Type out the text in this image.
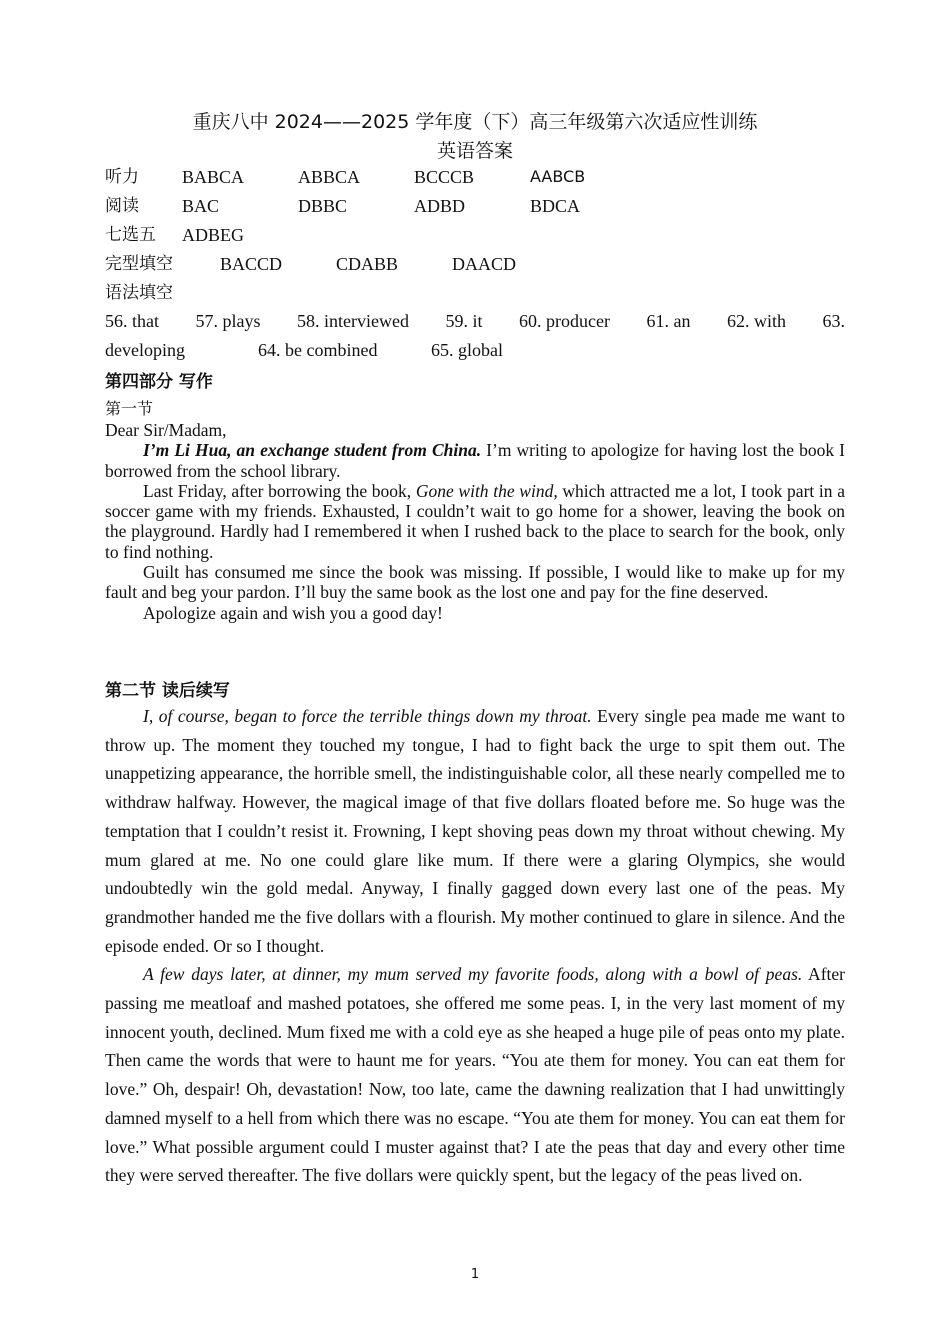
重庆八中 2024——2025 学年度（下）高三年级第六次适应性训练
英语答案
听力 BABCA	ABBCA	BCCCB	AABCB
阅读 BAC	DBBC	ADBD	BDCA
七选五 ADBEG
完型填空	BACCD	CDABB	DAACD
语法填空
56. that 57. plays 58. interviewed 59. it 60. producer 61. an 62. with 63.
developing	64. be combined	65. global
第四部分 写作
第一节

Dear Sir/Madam,

I’m Li Hua, an exchange student from China. I’m writing to apologize for having lost the book I borrowed from the school library.

Last Friday, after borrowing the book, Gone with the wind, which attracted me a lot, I took part in a soccer game with my friends. Exhausted, I couldn’t wait to go home for a shower, leaving the book on the playground. Hardly had I remembered it when I rushed back to the place to search for the book, only to find nothing.

Guilt has consumed me since the book was missing. If possible, I would like to make up for my fault and beg your pardon. I’ll buy the same book as the lost one and pay for the fine deserved.

Apologize again and wish you a good day!

第二节 读后续写

I, of course, began to force the terrible things down my throat. Every single pea made me want to throw up. The moment they touched my tongue, I had to fight back the urge to spit them out. The unappetizing appearance, the horrible smell, the indistinguishable color, all these nearly compelled me to withdraw halfway. However, the magical image of that five dollars floated before me. So huge was the temptation that I couldn’t resist it. Frowning, I kept shoving peas down my throat without chewing. My mum glared at me. No one could glare like mum. If there were a glaring Olympics, she would undoubtedly win the gold medal. Anyway, I finally gagged down every last one of the peas. My grandmother handed me the five dollars with a flourish. My mother continued to glare in silence. And the episode ended. Or so I thought.

A few days later, at dinner, my mum served my favorite foods, along with a bowl of peas. After passing me meatloaf and mashed potatoes, she offered me some peas. I, in the very last moment of my innocent youth, declined. Mum fixed me with a cold eye as she heaped a huge pile of peas onto my plate. Then came the words that were to haunt me for years. “You ate them for money. You can eat them for love.” Oh, despair! Oh, devastation! Now, too late, came the dawning realization that I had unwittingly damned myself to a hell from which there was no escape. “You ate them for money. You can eat them for love.” What possible argument could I muster against that? I ate the peas that day and every other time they were served thereafter. The five dollars were quickly spent, but the legacy of the peas lived on.

1
